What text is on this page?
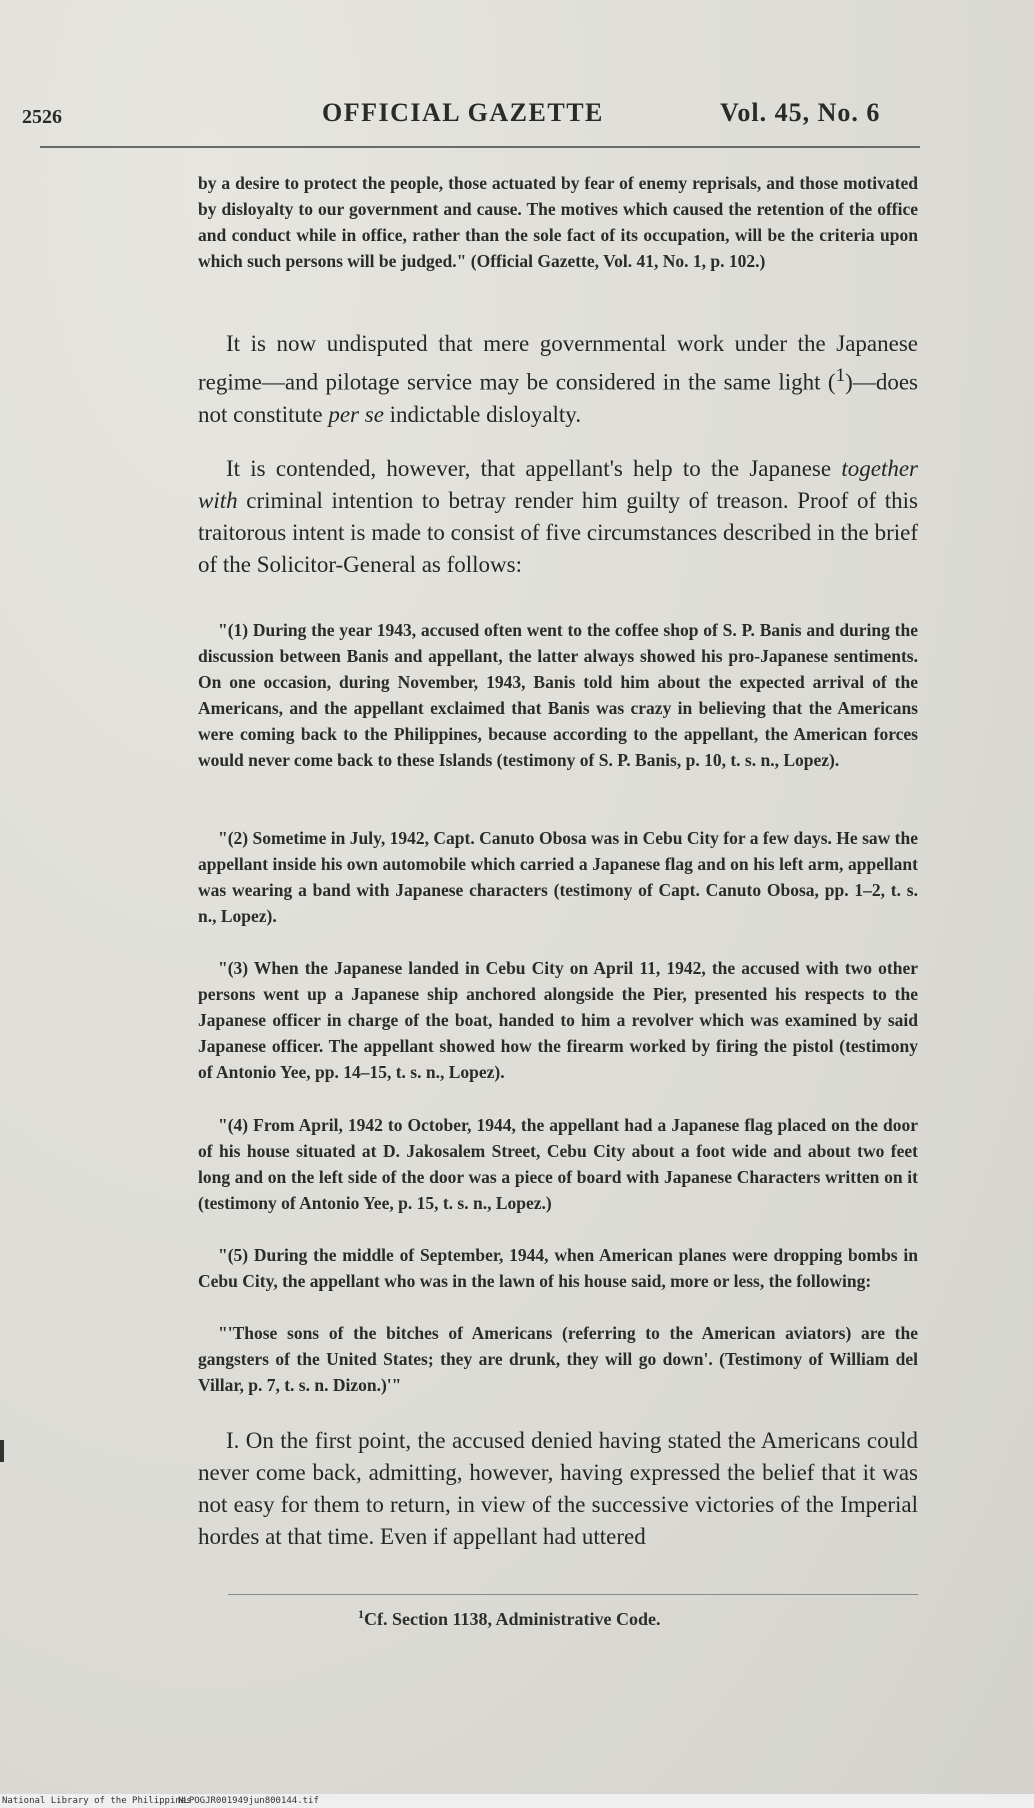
2526	OFFICIAL GAZETTE	Vol. 45, No. 6

by a desire to protect the people, those actuated by fear of enemy reprisals, and those motivated by disloyalty to our government and cause. The motives which caused the retention of the office and conduct while in office, rather than the sole fact of its occupation, will be the criteria upon which such persons will be judged." (Official Gazette, Vol. 41, No. 1, p. 102.)

It is now undisputed that mere governmental work under the Japanese regime—and pilotage service may be considered in the same light ($^1$)—does not constitute per se indictable disloyalty.

It is contended, however, that appellant's help to the Japanese together with criminal intention to betray render him guilty of treason. Proof of this traitorous intent is made to consist of five circumstances described in the brief of the Solicitor-General as follows:

"(1) During the year 1943, accused often went to the coffee shop of S. P. Banis and during the discussion between Banis and appellant, the latter always showed his pro-Japanese sentiments. On one occasion, during November, 1943, Banis told him about the expected arrival of the Americans, and the appellant exclaimed that Banis was crazy in believing that the Americans were coming back to the Philippines, because according to the appellant, the American forces would never come back to these Islands (testimony of S. P. Banis, p. 10, t. s. n., Lopez).

"(2) Sometime in July, 1942, Capt. Canuto Obosa was in Cebu City for a few days. He saw the appellant inside his own automobile which carried a Japanese flag and on his left arm, appellant was wearing a band with Japanese characters (testimony of Capt. Canuto Obosa, pp. 1–2, t. s. n., Lopez).

"(3) When the Japanese landed in Cebu City on April 11, 1942, the accused with two other persons went up a Japanese ship anchored alongside the Pier, presented his respects to the Japanese officer in charge of the boat, handed to him a revolver which was examined by said Japanese officer. The appellant showed how the firearm worked by firing the pistol (testimony of Antonio Yee, pp. 14–15, t. s. n., Lopez).

"(4) From April, 1942 to October, 1944, the appellant had a Japanese flag placed on the door of his house situated at D. Jakosalem Street, Cebu City about a foot wide and about two feet long and on the left side of the door was a piece of board with Japanese Characters written on it (testimony of Antonio Yee, p. 15, t. s. n., Lopez.)

"(5) During the middle of September, 1944, when American planes were dropping bombs in Cebu City, the appellant who was in the lawn of his house said, more or less, the following:

"'Those sons of the bitches of Americans (referring to the American aviators) are the gangsters of the United States; they are drunk, they will go down'. (Testimony of William del Villar, p. 7, t. s. n. Dizon.)'"

I. On the first point, the accused denied having stated the Americans could never come back, admitting, however, having expressed the belief that it was not easy for them to return, in view of the successive victories of the Imperial hordes at that time. Even if appellant had uttered

$^1$Cf. Section 1138, Administrative Code.
National Library of the Philippines
NLPOGJR001949jun800144.tif
